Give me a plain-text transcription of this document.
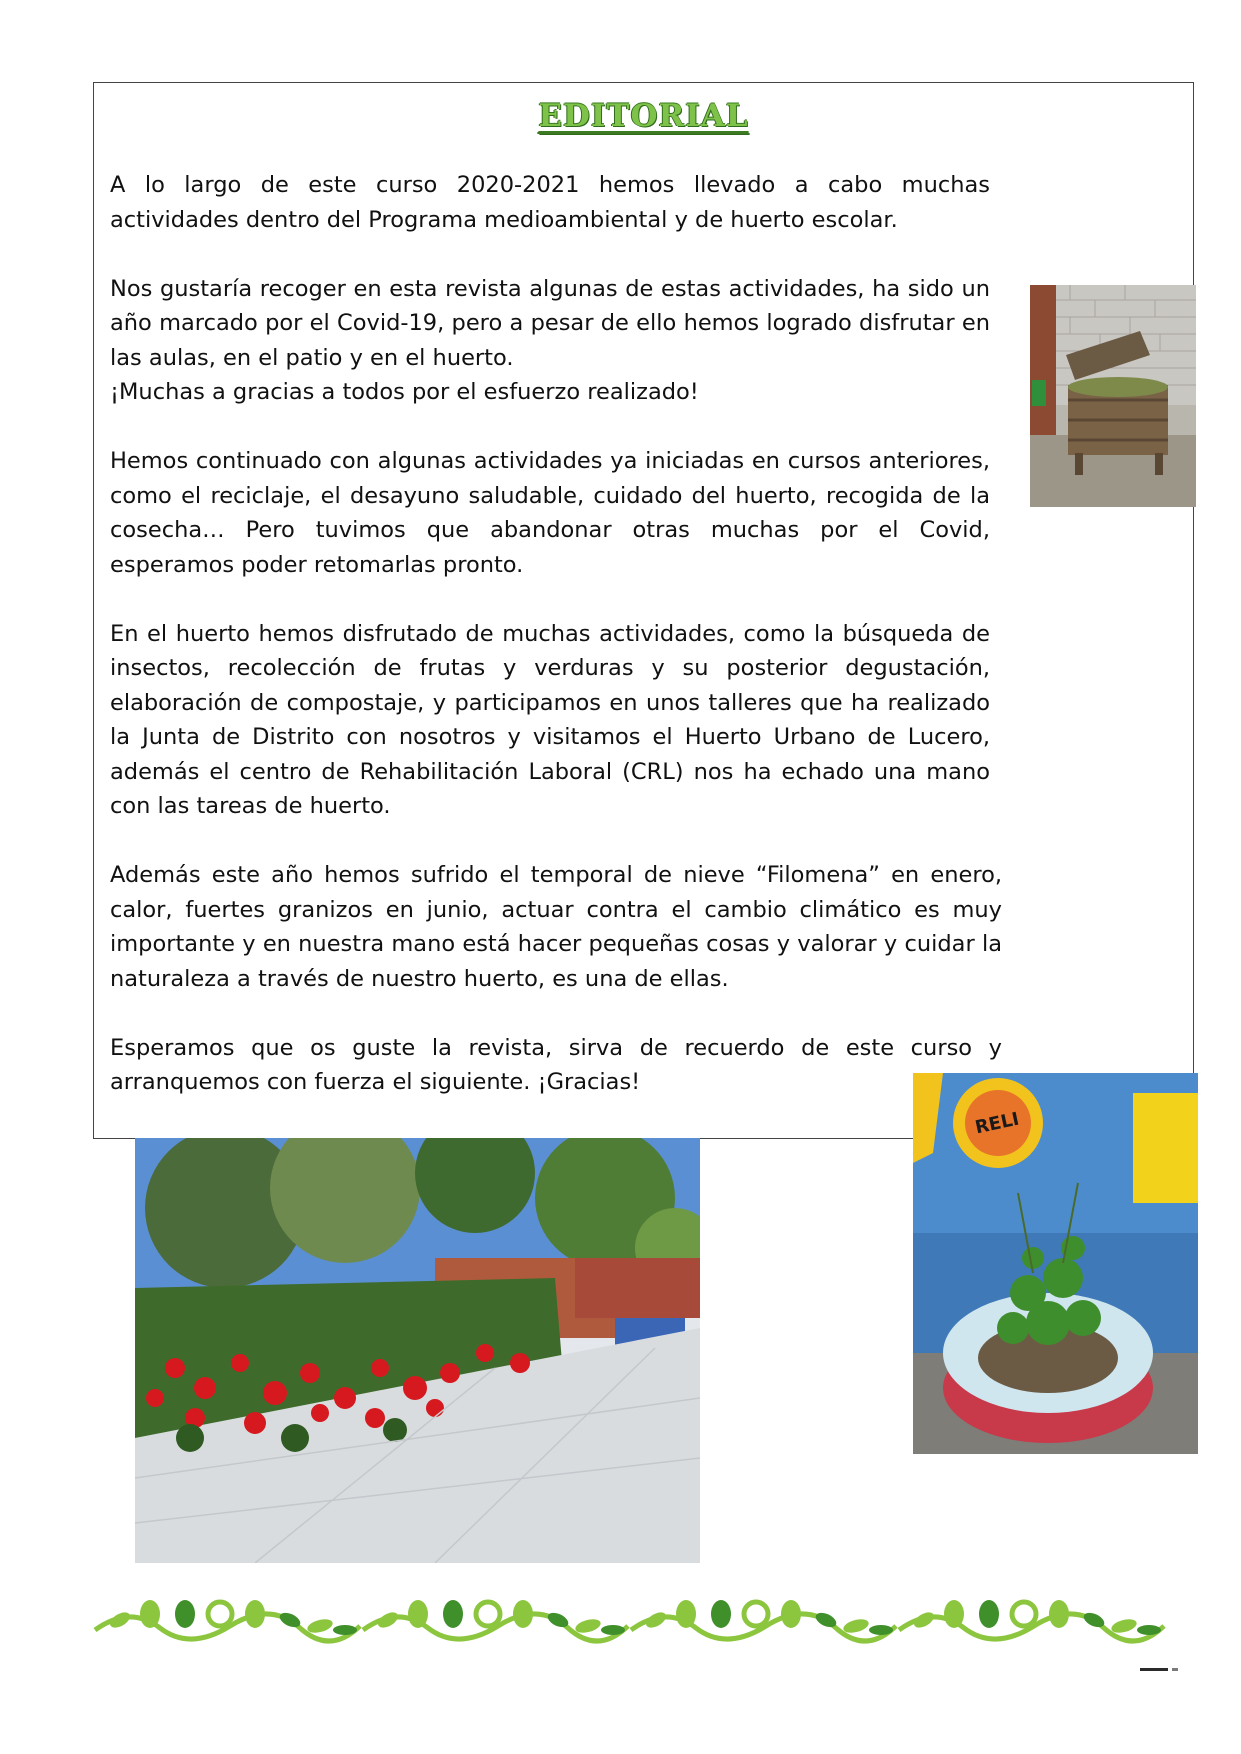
EDITORIAL

A lo largo de este curso 2020-2021 hemos llevado a cabo muchas actividades dentro del Programa medioambiental y de huerto escolar.

Nos gustaría recoger en esta revista algunas de estas actividades, ha sido un año marcado por el Covid-19, pero a pesar de ello hemos logrado disfrutar en las aulas, en el patio y en el huerto.
¡Muchas a gracias a todos por el esfuerzo realizado!

Hemos continuado con algunas actividades ya iniciadas en cursos anteriores, como el reciclaje, el desayuno saludable, cuidado del huerto, recogida de la cosecha… Pero tuvimos que abandonar otras muchas por el Covid, esperamos poder retomarlas pronto.

En el huerto hemos disfrutado de muchas actividades, como la búsqueda de insectos, recolección de frutas y verduras y su posterior degustación, elaboración de compostaje, y participamos en unos talleres que ha realizado la Junta de Distrito con nosotros y visitamos el Huerto Urbano de Lucero, además el centro de Rehabilitación Laboral (CRL) nos ha echado una mano con las tareas de huerto.

Además este año hemos sufrido el temporal de nieve “Filomena” en enero, calor, fuertes granizos en junio, actuar contra el cambio climático es muy importante y en nuestra mano está hacer pequeñas cosas y valorar y cuidar la naturaleza a través de nuestro huerto, es una de ellas.

Esperamos que os guste la revista, sirva de recuerdo de este curso y arranquemos con fuerza el siguiente. ¡Gracias!

RELI
